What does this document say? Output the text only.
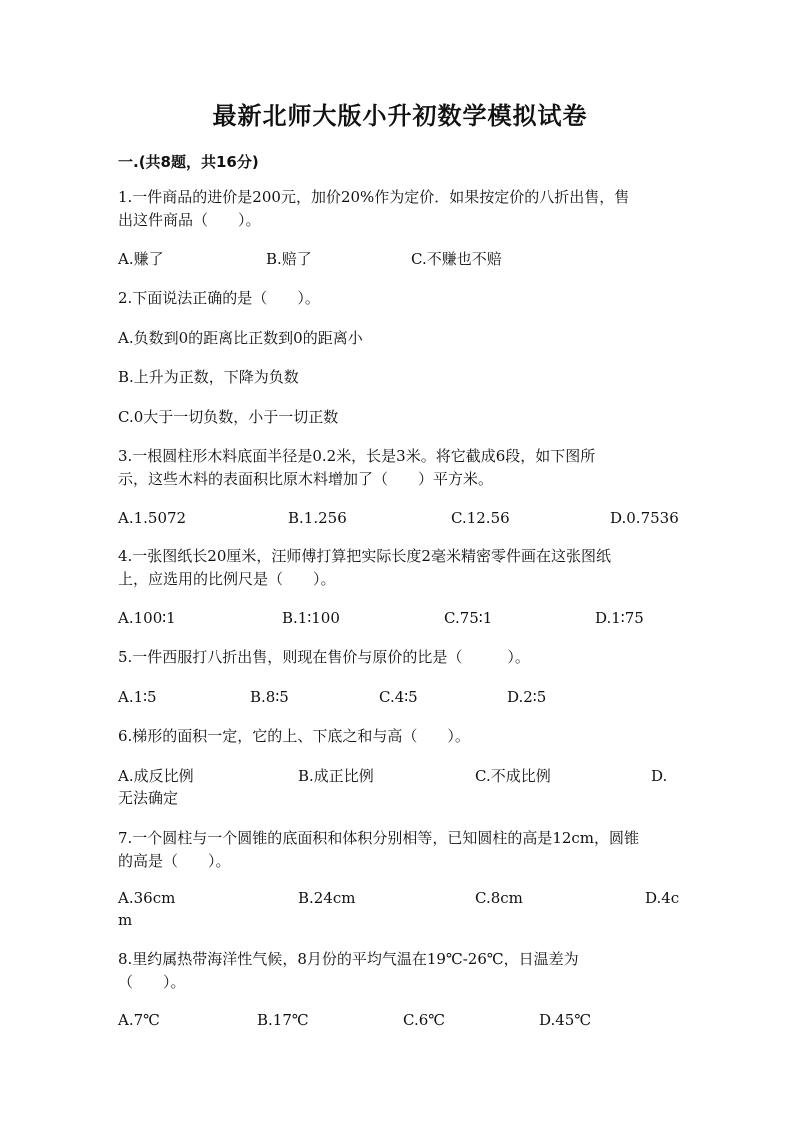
最新北师大版小升初数学模拟试卷
一.(共8题，共16分)
1.一件商品的进价是200元，加价20%作为定价．如果按定价的八折出售，售
出这件商品（　　）。
A.赚了	B.赔了	C.不赚也不赔
2.下面说法正确的是（　　）。
A.负数到0的距离比正数到0的距离小
B.上升为正数，下降为负数
C.0大于一切负数，小于一切正数
3.一根圆柱形木料底面半径是0.2米，长是3米。将它截成6段，如下图所
示，这些木料的表面积比原木料增加了（　　）平方米。
A.1.5072	B.1.256	C.12.56	D.0.7536
4.一张图纸长20厘米，汪师傅打算把实际长度2毫米精密零件画在这张图纸
上，应选用的比例尺是（　　）。
A.100∶1	B.1∶100	C.75∶1	D.1∶75
5.一件西服打八折出售，则现在售价与原价的比是（　　　）。
A.1∶5	B.8∶5	C.4∶5	D.2∶5
6.梯形的面积一定，它的上、下底之和与高（　　）。
A.成反比例	B.成正比例	C.不成比例	D.
无法确定
7.一个圆柱与一个圆锥的底面积和体积分别相等，已知圆柱的高是12cm，圆锥
的高是（　　）。
A.36cm	B.24cm	C.8cm	D.4c
m
8.里约属热带海洋性气候，8月份的平均气温在19℃-26℃，日温差为
（　　）。
A.7℃	B.17℃	C.6℃	D.45℃
